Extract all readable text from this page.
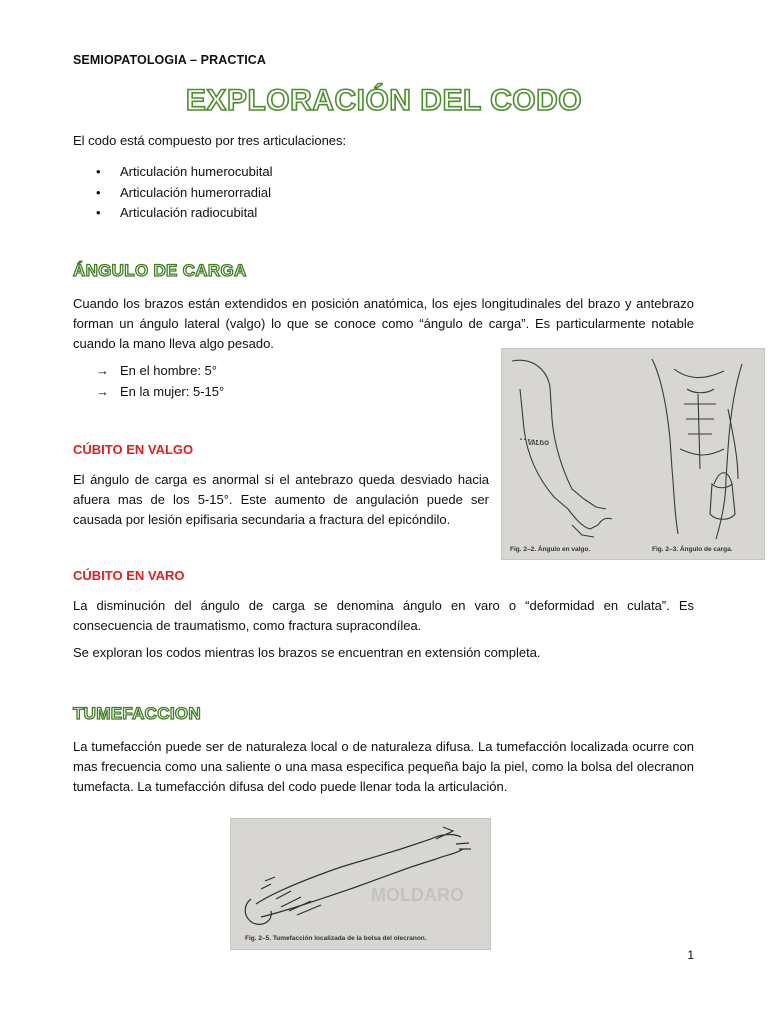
SEMIOPATOLOGIA – PRACTICA
EXPLORACIÓN DEL CODO
El codo está compuesto por tres articulaciones:
• Articulación humerocubital
• Articulación humerorradial
• Articulación radiocubital
ÁNGULO DE CARGA
Cuando los brazos están extendidos en posición anatómica, los ejes longitudinales del brazo y antebrazo forman un ángulo lateral (valgo) lo que se conoce como “ángulo de carga”. Es particularmente notable cuando la mano lleva algo pesado.
→ En el hombre: 5°
→ En la mujer: 5-15°
VALGO
Fig. 2–2. Ángulo en valgo.	Fig. 2–3. Ángulo de carga.
CÚBITO EN VALGO
El ángulo de carga es anormal si el antebrazo queda desviado hacia afuera mas de los 5-15°. Este aumento de angulación puede ser causada por lesión epifisaria secundaria a fractura del epicóndilo.
CÚBITO EN VARO
La disminución del ángulo de carga se denomina ángulo en varo o “deformidad en culata”. Es consecuencia de traumatismo, como fractura supracondílea.
Se exploran los codos mientras los brazos se encuentran en extensión completa.
TUMEFACCION
La tumefacción puede ser de naturaleza local o de naturaleza difusa. La tumefacción localizada ocurre con mas frecuencia como una saliente o una masa especifica pequeña bajo la piel, como la bolsa del olecranon tumefacta. La tumefacción difusa del codo puede llenar toda la articulación.
MOLDARO
Fig. 2–5. Tumefacción localizada de la bolsa del olecranon.
1
